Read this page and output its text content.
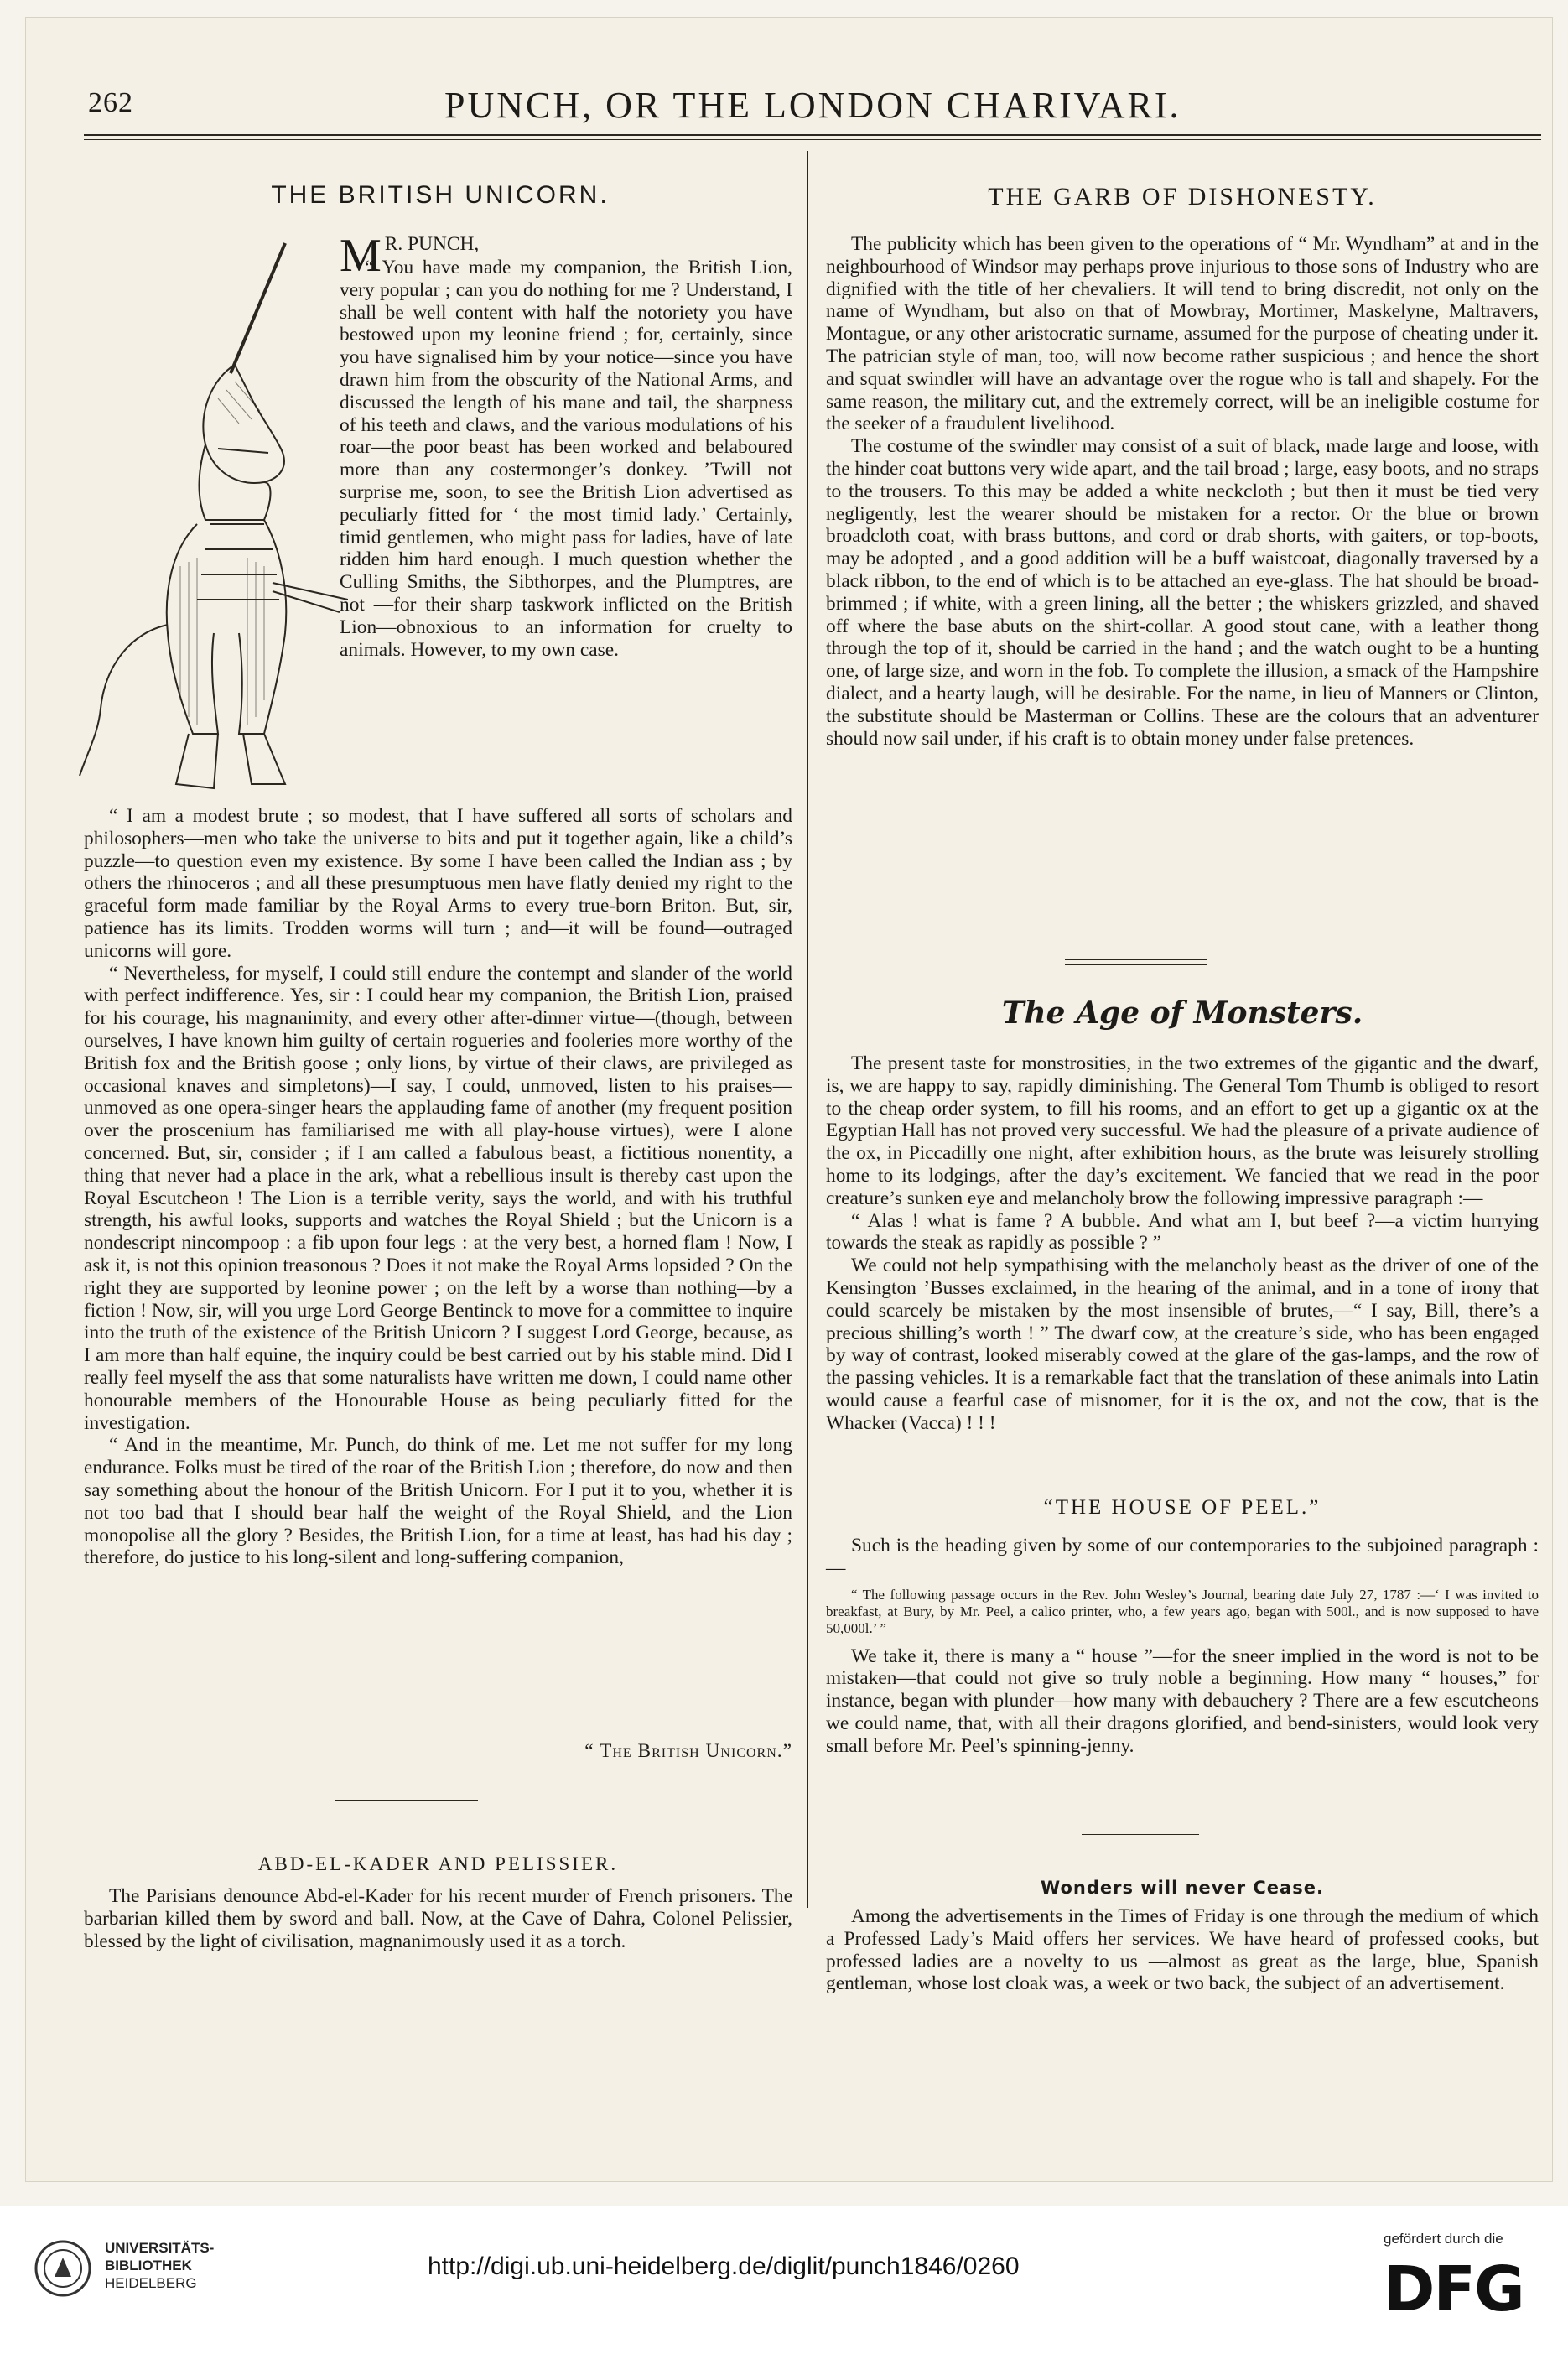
262	PUNCH, OR THE LONDON CHARIVARI.
THE BRITISH UNICORN.

M R. PUNCH,

“ You have made my companion, the British Lion, very popular ; can you do nothing for me ? Understand, I shall be well content with half the notoriety you have bestowed upon my leonine friend ; for, certainly, since you have signalised him by your notice—since you have drawn him from the obscurity of the National Arms, and discussed the length of his mane and tail, the sharpness of his teeth and claws, and the various modulations of his roar—the poor beast has been worked and belaboured more than any costermonger’s donkey. ’Twill not surprise me, soon, to see the British Lion advertised as peculiarly fitted for ‘ the most timid lady.’ Certainly, timid gentlemen, who might pass for ladies, have of late ridden him hard enough. I much question whether the Culling Smiths, the Sibthorpes, and the Plumptres, are not —for their sharp taskwork inflicted on the British Lion—obnoxious to an information for cruelty to animals. However, to my own case.

“ I am a modest brute ; so modest, that I have suffered all sorts of scholars and philosophers—men who take the universe to bits and put it together again, like a child’s puzzle—to question even my existence. By some I have been called the Indian ass ; by others the rhinoceros ; and all these presumptuous men have flatly denied my right to the graceful form made familiar by the Royal Arms to every true-born Briton. But, sir, patience has its limits. Trodden worms will turn ; and—it will be found—outraged unicorns will gore.

“ Nevertheless, for myself, I could still endure the contempt and slander of the world with perfect indifference. Yes, sir : I could hear my companion, the British Lion, praised for his courage, his magnanimity, and every other after-dinner virtue—(though, between ourselves, I have known him guilty of certain rogueries and fooleries more worthy of the British fox and the British goose ; only lions, by virtue of their claws, are privileged as occasional knaves and simpletons)—I say, I could, unmoved, listen to his praises—unmoved as one opera-singer hears the applauding fame of another (my frequent position over the proscenium has familiarised me with all play-house virtues), were I alone concerned. But, sir, consider ; if I am called a fabulous beast, a fictitious nonentity, a thing that never had a place in the ark, what a rebellious insult is thereby cast upon the Royal Escutcheon ! The Lion is a terrible verity, says the world, and with his truthful strength, his awful looks, supports and watches the Royal Shield ; but the Unicorn is a nondescript nincompoop : a fib upon four legs : at the very best, a horned flam ! Now, I ask it, is not this opinion treasonous ? Does it not make the Royal Arms lopsided ? On the right they are supported by leonine power ; on the left by a worse than nothing—by a fiction ! Now, sir, will you urge Lord George Bentinck to move for a committee to inquire into the truth of the existence of the British Unicorn ? I suggest Lord George, because, as I am more than half equine, the inquiry could be best carried out by his stable mind. Did I really feel myself the ass that some naturalists have written me down, I could name other honourable members of the Honourable House as being peculiarly fitted for the investigation.

“ And in the meantime, Mr. Punch, do think of me. Let me not suffer for my long endurance. Folks must be tired of the roar of the British Lion ; therefore, do now and then say something about the honour of the British Unicorn. For I put it to you, whether it is not too bad that I should bear half the weight of the Royal Shield, and the Lion monopolise all the glory ? Besides, the British Lion, for a time at least, has had his day ; therefore, do justice to his long-silent and long-suffering companion,

“ The British Unicorn.”
ABD-EL-KADER AND PELISSIER.

The Parisians denounce Abd-el-Kader for his recent murder of French prisoners. The barbarian killed them by sword and ball. Now, at the Cave of Dahra, Colonel Pelissier, blessed by the light of civilisation, magnanimously used it as a torch.

THE GARB OF DISHONESTY.

The publicity which has been given to the operations of “ Mr. Wyndham” at and in the neighbourhood of Windsor may perhaps prove injurious to those sons of Industry who are dignified with the title of her chevaliers. It will tend to bring discredit, not only on the name of Wyndham, but also on that of Mowbray, Mortimer, Maskelyne, Maltravers, Montague, or any other aristocratic surname, assumed for the purpose of cheating under it. The patrician style of man, too, will now become rather suspicious ; and hence the short and squat swindler will have an advantage over the rogue who is tall and shapely. For the same reason, the military cut, and the extremely correct, will be an ineligible costume for the seeker of a fraudulent livelihood.

The costume of the swindler may consist of a suit of black, made large and loose, with the hinder coat buttons very wide apart, and the tail broad ; large, easy boots, and no straps to the trousers. To this may be added a white neckcloth ; but then it must be tied very negligently, lest the wearer should be mistaken for a rector. Or the blue or brown broadcloth coat, with brass buttons, and cord or drab shorts, with gaiters, or top-boots, may be adopted , and a good addition will be a buff waistcoat, diagonally traversed by a black ribbon, to the end of which is to be attached an eye-glass. The hat should be broad-brimmed ; if white, with a green lining, all the better ; the whiskers grizzled, and shaved off where the base abuts on the shirt-collar. A good stout cane, with a leather thong through the top of it, should be carried in the hand ; and the watch ought to be a hunting one, of large size, and worn in the fob. To complete the illusion, a smack of the Hampshire dialect, and a hearty laugh, will be desirable. For the name, in lieu of Manners or Clinton, the substitute should be Masterman or Collins. These are the colours that an adventurer should now sail under, if his craft is to obtain money under false pretences.

The Age of Monsters.

The present taste for monstrosities, in the two extremes of the gigantic and the dwarf, is, we are happy to say, rapidly diminishing. The General Tom Thumb is obliged to resort to the cheap order system, to fill his rooms, and an effort to get up a gigantic ox at the Egyptian Hall has not proved very successful. We had the pleasure of a private audience of the ox, in Piccadilly one night, after exhibition hours, as the brute was leisurely strolling home to its lodgings, after the day’s excitement. We fancied that we read in the poor creature’s sunken eye and melancholy brow the following impressive paragraph :—

“ Alas ! what is fame ? A bubble. And what am I, but beef ?—a victim hurrying towards the steak as rapidly as possible ? ”

We could not help sympathising with the melancholy beast as the driver of one of the Kensington ’Busses exclaimed, in the hearing of the animal, and in a tone of irony that could scarcely be mistaken by the most insensible of brutes,—“ I say, Bill, there’s a precious shilling’s worth ! ” The dwarf cow, at the creature’s side, who has been engaged by way of contrast, looked miserably cowed at the glare of the gas-lamps, and the row of the passing vehicles. It is a remarkable fact that the translation of these animals into Latin would cause a fearful case of misnomer, for it is the ox, and not the cow, that is the Whacker (Vacca) ! ! !

“THE HOUSE OF PEEL.”

Such is the heading given by some of our contemporaries to the subjoined paragraph :—

“ The following passage occurs in the Rev. John Wesley’s Journal, bearing date July 27, 1787 :—‘ I was invited to breakfast, at Bury, by Mr. Peel, a calico printer, who, a few years ago, began with 500l., and is now supposed to have 50,000l.’ ”

We take it, there is many a “ house ”—for the sneer implied in the word is not to be mistaken—that could not give so truly noble a beginning. How many “ houses,” for instance, began with plunder—how many with debauchery ? There are a few escutcheons we could name, that, with all their dragons glorified, and bend-sinisters, would look very small before Mr. Peel’s spinning-jenny.

Wonders will never Cease.

Among the advertisements in the Times of Friday is one through the medium of which a Professed Lady’s Maid offers her services. We have heard of professed cooks, but professed ladies are a novelty to us —almost as great as the large, blue, Spanish gentleman, whose lost cloak was, a week or two back, the subject of an advertisement.

UNIVERSITÄTS-
BIBLIOTHEK
HEIDELBERG
http://digi.ub.uni-heidelberg.de/diglit/punch1846/0260
gefördert durch die
DFG
